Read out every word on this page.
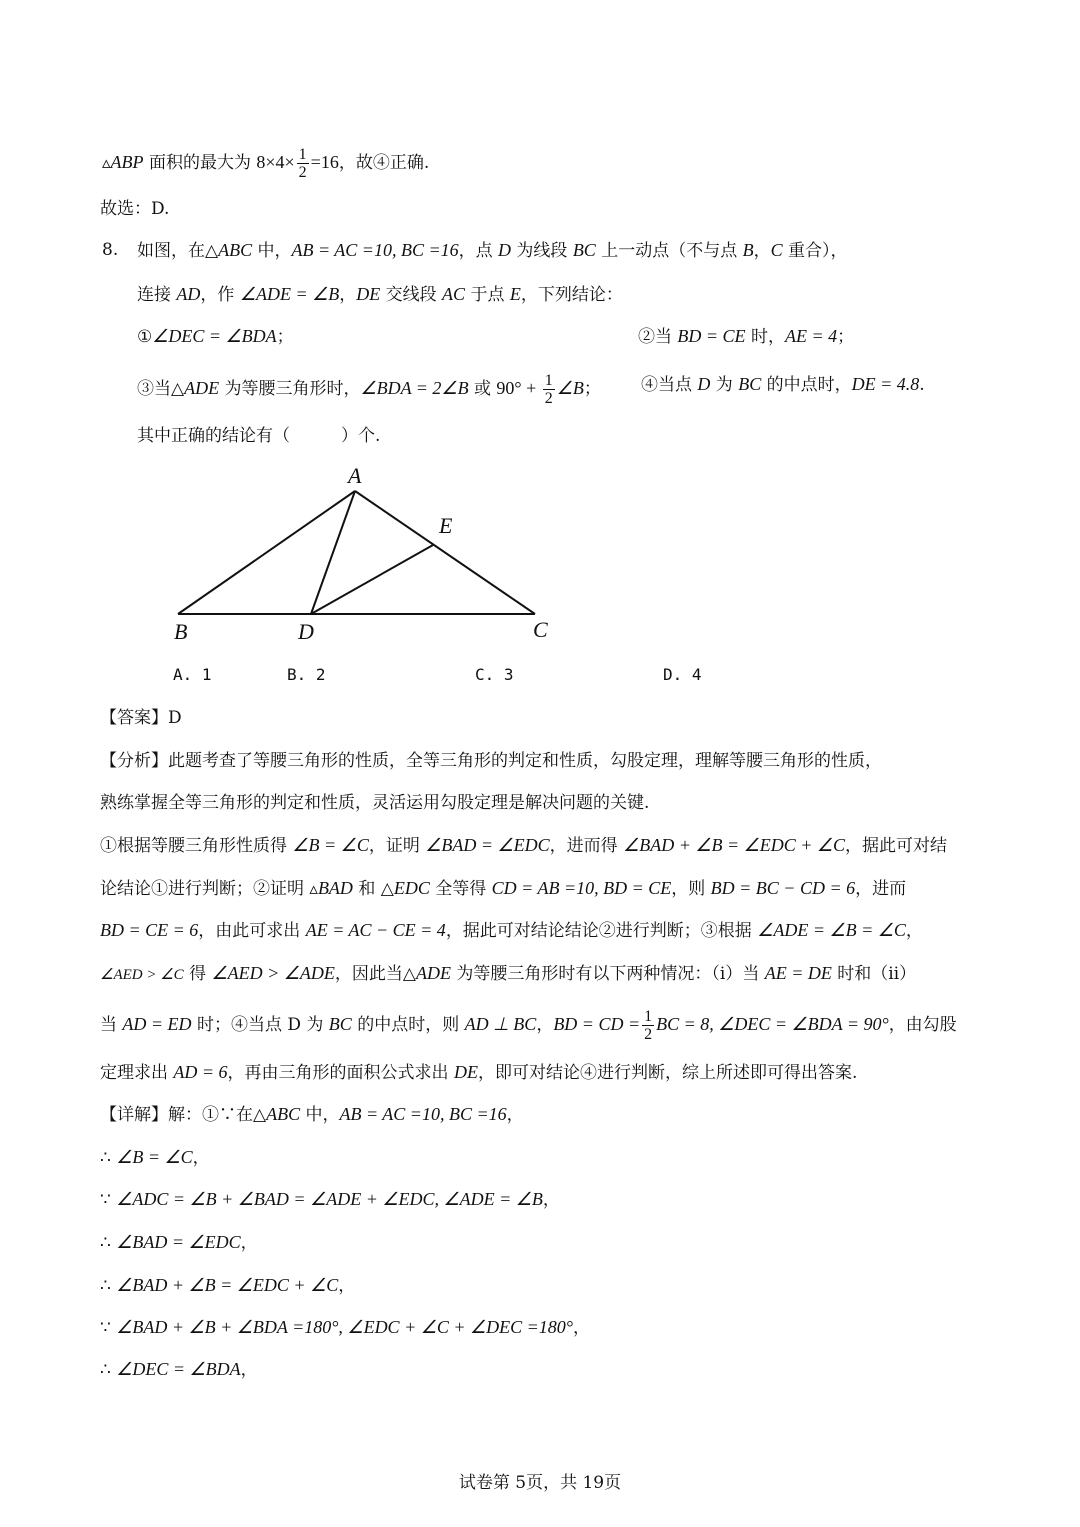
▵ABP 面积的最大为 $8\times 4\times \frac{1}{2} =16$，故④正确.
故选：D.
8. 如图，在△ABC 中，AB = AC =10, BC =16，点 D 为线段 BC 上一动点（不与点 B，C 重合），
连接 AD，作 ∠ADE = ∠B，DE 交线段 AC 于点 E，下列结论：
①∠DEC = ∠BDA；	②当 BD = CE 时，AE = 4；
③当△ADE 为等腰三角形时，∠BDA = 2∠B 或 $90^\circ + \frac{1}{2}$ ∠B； ④当点 D 为 BC 的中点时，DE = 4.8.
其中正确的结论有（　　　）个.
A
E
B	D	C
A. 1	B. 2	C. 3	D. 4
【答案】D
【分析】此题考查了等腰三角形的性质，全等三角形的判定和性质，勾股定理，理解等腰三角形的性质，
熟练掌握全等三角形的判定和性质，灵活运用勾股定理是解决问题的关键.
①根据等腰三角形性质得 ∠B = ∠C，证明 ∠BAD = ∠EDC，进而得 ∠BAD + ∠B = ∠EDC + ∠C，据此可对结
论结论①进行判断；②证明 ▵BAD 和 △EDC 全等得 CD = AB =10, BD = CE，则 BD = BC − CD = 6，进而
BD = CE = 6，由此可求出 AE = AC − CE = 4，据此可对结论结论②进行判断；③根据 ∠ADE = ∠B = ∠C，
∠AED > ∠C 得 ∠AED > ∠ADE，因此当△ADE 为等腰三角形时有以下两种情况：（ⅰ）当 AE = DE 时和（ⅱ）
当 AD = ED 时；④当点 D 为 BC 的中点时，则 AD ⊥ BC，BD = CD = $\frac{1}{2}$ BC = 8, ∠DEC = ∠BDA = 90°，由勾股
定理求出 AD = 6，再由三角形的面积公式求出 DE，即可对结论④进行判断，综上所述即可得出答案.
【详解】解：①∵在△ABC 中，AB = AC =10, BC =16，
∴ ∠B = ∠C，
∵ ∠ADC = ∠B + ∠BAD = ∠ADE + ∠EDC, ∠ADE = ∠B，
∴ ∠BAD = ∠EDC，
∴ ∠BAD + ∠B = ∠EDC + ∠C，
∵ ∠BAD + ∠B + ∠BDA =180°, ∠EDC + ∠C + ∠DEC =180°，
∴ ∠DEC = ∠BDA，
试卷第 5页，共 19页
